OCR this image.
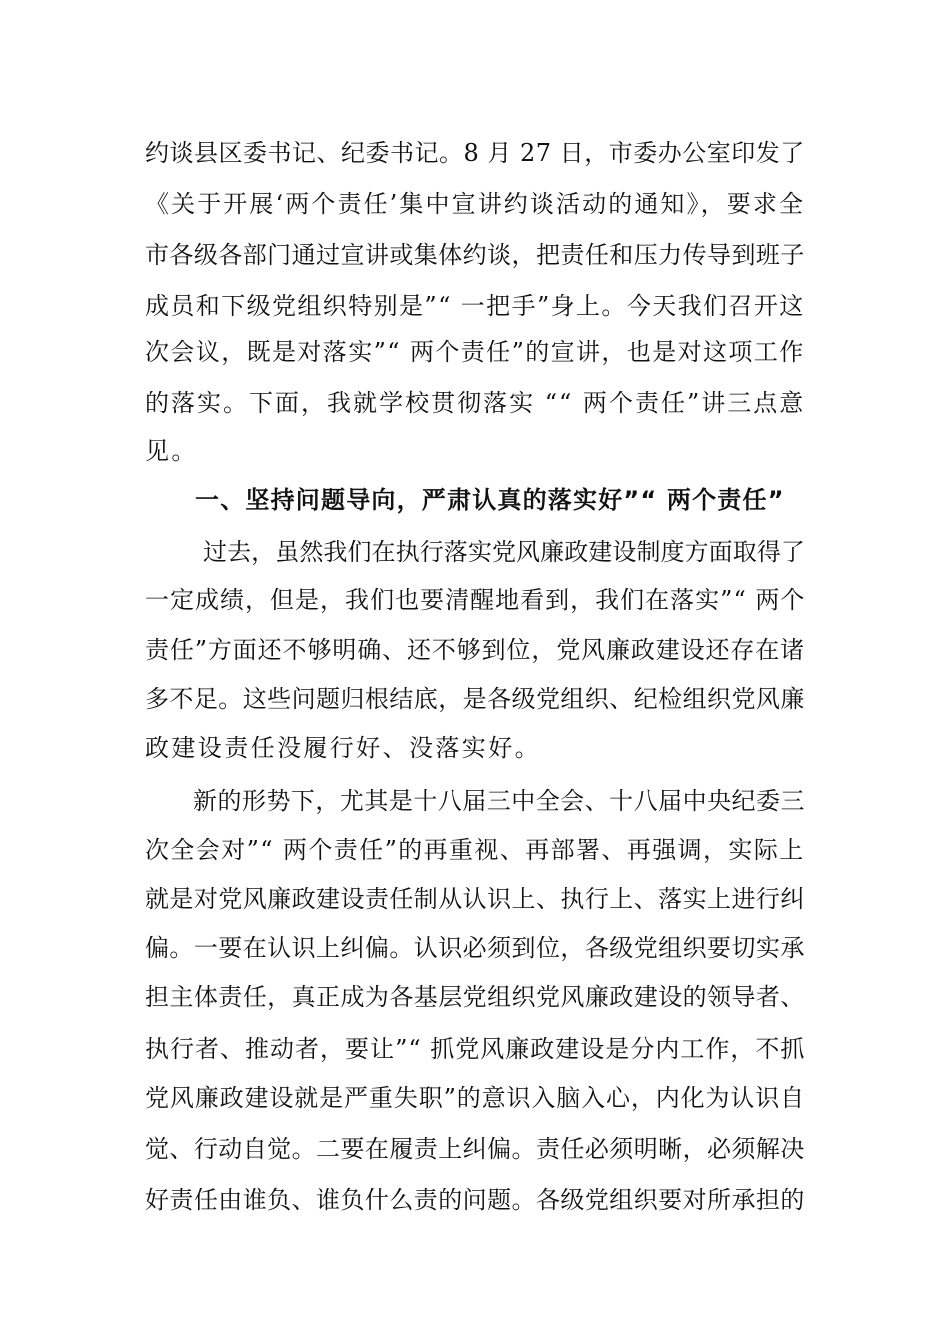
约谈县区委书记、纪委书记。8 月 27 日，市委办公室印发了
《关于开展‘两个责任’集中宣讲约谈活动的通知》，要求全
市各级各部门通过宣讲或集体约谈，把责任和压力传导到班子
成员和下级党组织特别是”“ 一把手”身上。今天我们召开这
次会议，既是对落实”“ 两个责任”的宣讲，也是对这项工作
的落实。下面，我就学校贯彻落实 ““ 两个责任”讲三点意
见。
一、坚持问题导向，严肃认真的落实好”“ 两个责任”
过去，虽然我们在执行落实党风廉政建设制度方面取得了
一定成绩，但是，我们也要清醒地看到，我们在落实”“ 两个
责任”方面还不够明确、还不够到位，党风廉政建设还存在诸
多不足。这些问题归根结底，是各级党组织、纪检组织党风廉
政建设责任没履行好、没落实好。
新的形势下，尤其是十八届三中全会、十八届中央纪委三
次全会对”“ 两个责任”的再重视、再部署、再强调，实际上
就是对党风廉政建设责任制从认识上、执行上、落实上进行纠
偏。一要在认识上纠偏。认识必须到位，各级党组织要切实承
担主体责任，真正成为各基层党组织党风廉政建设的领导者、
执行者、推动者，要让”“ 抓党风廉政建设是分内工作，不抓
党风廉政建设就是严重失职”的意识入脑入心，内化为认识自
觉、行动自觉。二要在履责上纠偏。责任必须明晰，必须解决
好责任由谁负、谁负什么责的问题。各级党组织要对所承担的
